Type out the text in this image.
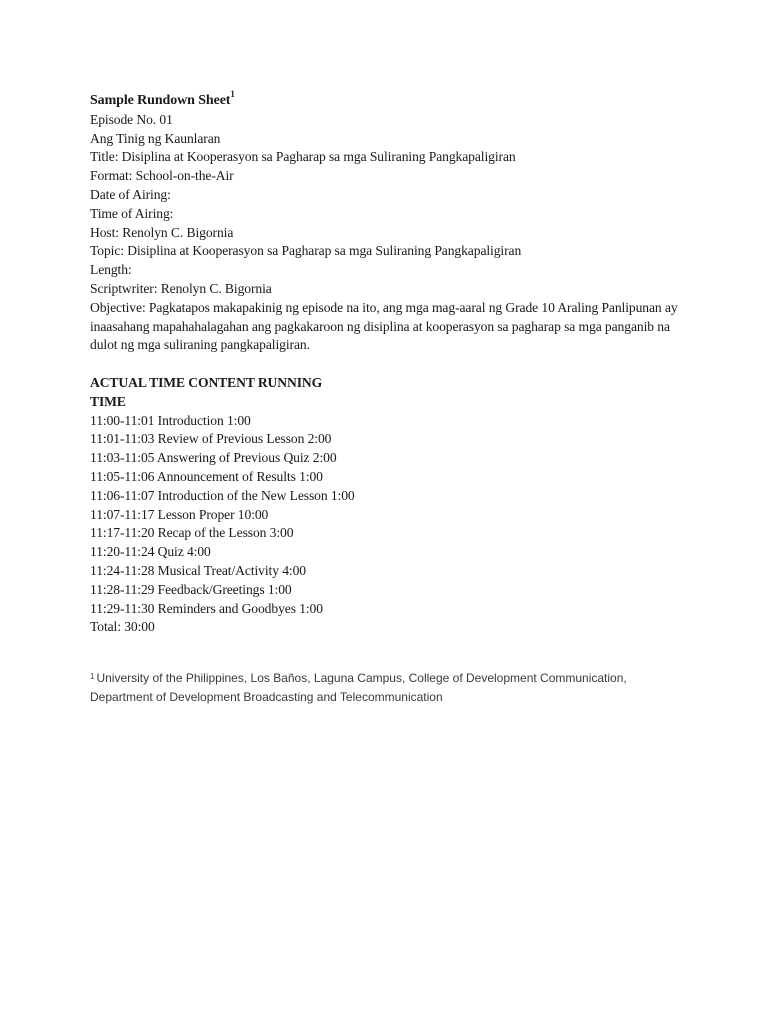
Sample Rundown Sheet$^1$
Episode No. 01
Ang Tinig ng Kaunlaran
Title: Disiplina at Kooperasyon sa Pagharap sa mga Suliraning Pangkapaligiran
Format: School-on-the-Air
Date of Airing:
Time of Airing:
Host: Renolyn C. Bigornia
Topic: Disiplina at Kooperasyon sa Pagharap sa mga Suliraning Pangkapaligiran
Length:
Scriptwriter: Renolyn C. Bigornia
Objective: Pagkatapos makapakinig ng episode na ito, ang mga mag-aaral ng Grade 10 Araling Panlipunan ay inaasahang mapahahalagahan ang pagkakaroon ng disiplina at kooperasyon sa pagharap sa mga panganib na dulot ng mga suliraning pangkapaligiran.
ACTUAL TIME CONTENT RUNNING TIME
11:00-11:01 Introduction 1:00
11:01-11:03 Review of Previous Lesson 2:00
11:03-11:05 Answering of Previous Quiz 2:00
11:05-11:06 Announcement of Results 1:00
11:06-11:07 Introduction of the New Lesson 1:00
11:07-11:17 Lesson Proper 10:00
11:17-11:20 Recap of the Lesson 3:00
11:20-11:24 Quiz 4:00
11:24-11:28 Musical Treat/Activity 4:00
11:28-11:29 Feedback/Greetings 1:00
11:29-11:30 Reminders and Goodbyes 1:00
Total: 30:00
$^1$ University of the Philippines, Los Baños, Laguna Campus, College of Development Communication, Department of Development Broadcasting and Telecommunication
